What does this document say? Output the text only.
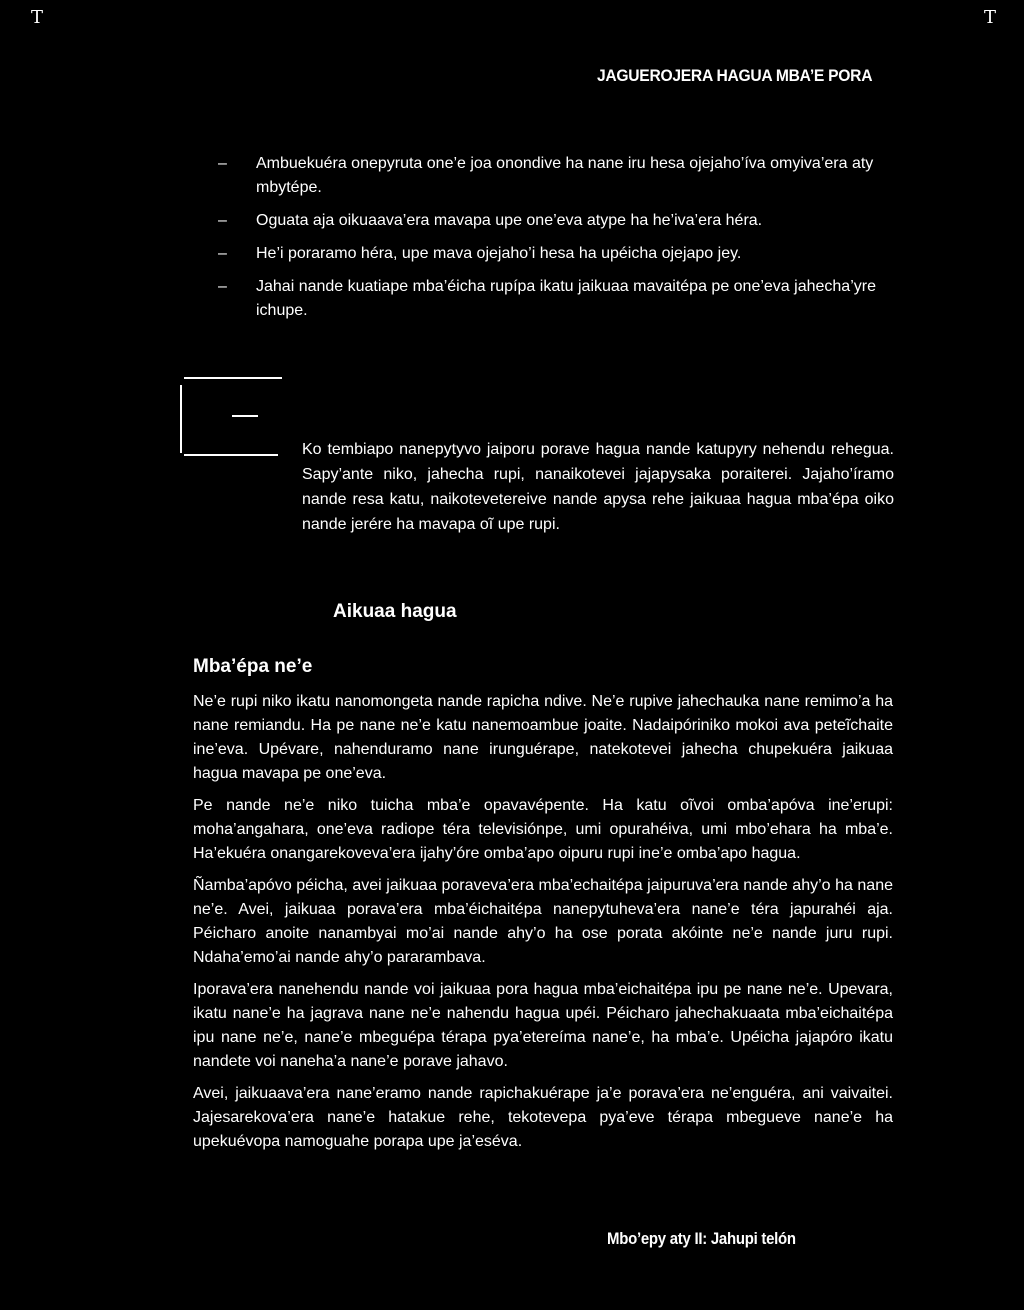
T	T
JAGUEROJERA HAGUA MBA’E PORA
– Ambuekuéra onepyruta one’e joa onondive ha nane iru hesa ojejaho’íva omyiva’era aty mbytépe.
– Oguata aja oikuaava’era mavapa upe one’eva atype ha he’iva’era héra.
– He’i poraramo héra, upe mava ojejaho’i hesa ha upéicha ojejapo jey.
– Jahai nande kuatiape mba’éicha rupípa ikatu jaikuaa mavaitépa pe one’eva jahecha’yre ichupe.

Ko tembiapo nanepytyvo jaiporu porave hagua nande katupyry nehendu rehegua. Sapy’ante niko, jahecha rupi, nanaikotevei jajapysaka poraiterei. Jajaho’íramo nande resa katu, naikotevetereive nande apysa rehe jaikuaa hagua mba’épa oiko nande jerére ha mavapa oĩ upe rupi.

Aikuaa hagua
Mba’épa ne’e

Ne’e rupi niko ikatu nanomongeta nande rapicha ndive. Ne’e rupive jahechauka nane remimo’a ha nane remiandu. Ha pe nane ne’e katu nanemoambue joaite. Nadaipóriniko mokoi ava peteĩchaite ine’eva. Upévare, nahenduramo nane irunguérape, natekotevei jahecha chupekuéra jaikuaa hagua mavapa pe one’eva.

Pe nande ne’e niko tuicha mba’e opavavépente. Ha katu oĩvoi omba’apóva ine’erupi: moha’angahara, one’eva radiope téra televisiónpe, umi opurahéiva, umi mbo’ehara ha mba’e. Ha’ekuéra onangarekoveva’era ijahy’óre omba’apo oipuru rupi ine’e omba’apo hagua.

Ñamba’apóvo péicha, avei jaikuaa poraveva’era mba’echaitépa jaipuruva’era nande ahy’o ha nane ne’e. Avei, jaikuaa porava’era mba’éichaitépa nanepytuheva’era nane’e téra japurahéi aja. Péicharo anoite nanambyai mo’ai nande ahy’o ha ose porata akóinte ne’e nande juru rupi. Ndaha’emo’ai nande ahy’o pararambava.

Iporava’era nanehendu nande voi jaikuaa pora hagua mba’eichaitépa ipu pe nane ne’e. Upevara, ikatu nane’e ha jagrava nane ne’e nahendu hagua upéi. Péicharo jahechakuaata mba’eichaitépa ipu nane ne’e, nane’e mbeguépa térapa pya’etereíma nane’e, ha mba’e. Upéicha jajapóro ikatu nandete voi naneha’a nane’e porave jahavo.

Avei, jaikuaava’era nane’eramo nande rapichakuérape ja’e porava’era ne’enguéra, ani vaivaitei. Jajesarekova’era nane’e hatakue rehe, tekotevepa pya’eve térapa mbegueve nane’e ha upekuévopa namoguahe porapa upe ja’eséva.

Mbo’epy aty II: Jahupi telón
